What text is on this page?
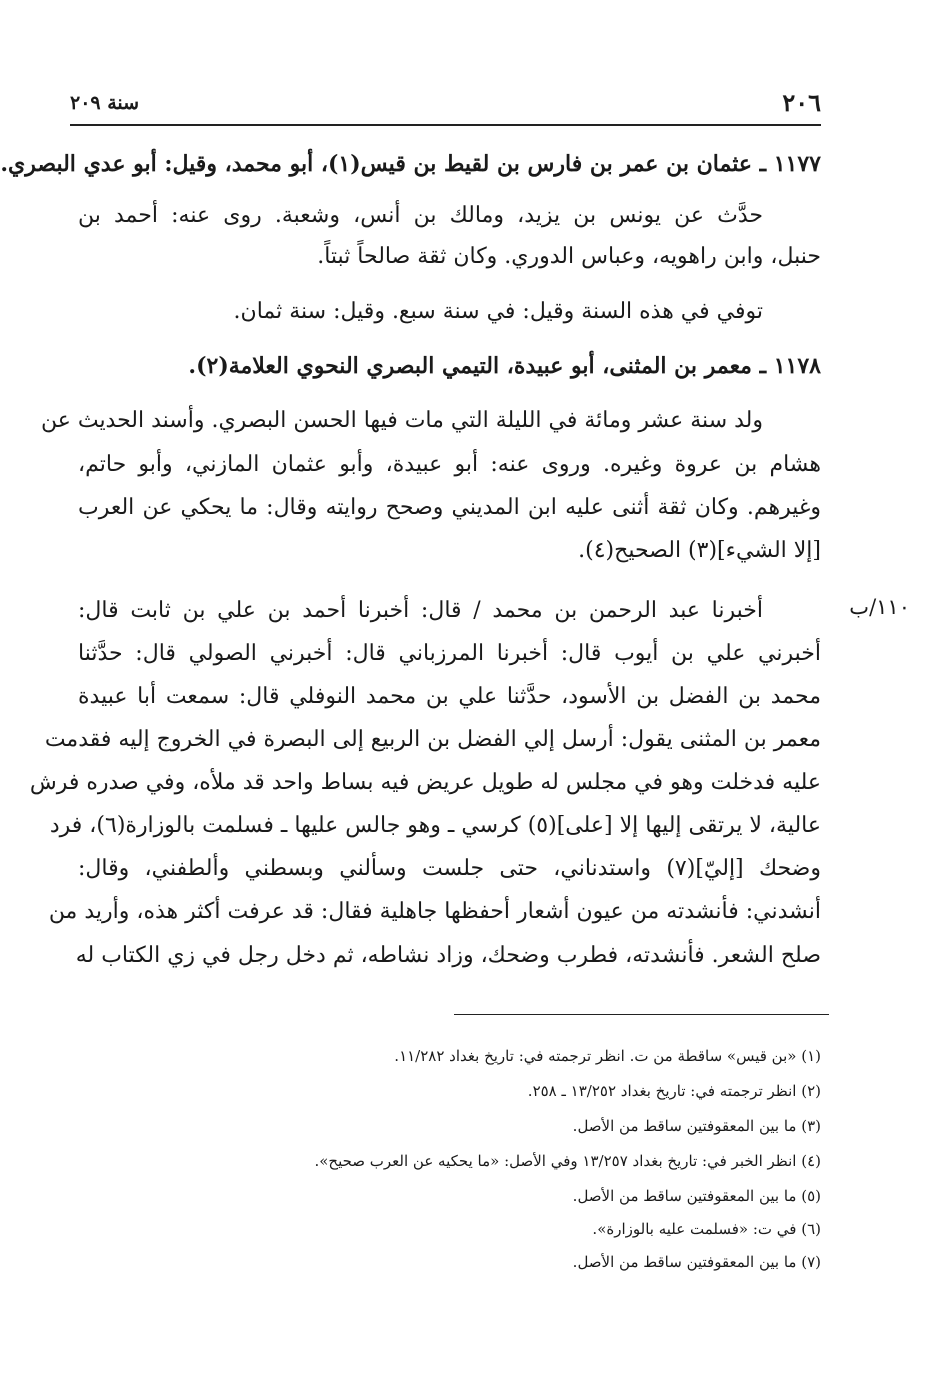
٢٠٦
سنة ٢٠٩
١١٠/ب
١١٧٧ ـ عثمان بن عمر بن فارس بن لقيط بن قيس(١)، أبو محمد، وقيل: أبو عدي البصري.
حدَّث عن يونس بن يزيد، ومالك بن أنس، وشعبة. روى عنه: أحمد بن
حنبل، وابن راهويه، وعباس الدوري. وكان ثقة صالحاً ثبتاً.
توفي في هذه السنة وقيل: في سنة سبع. وقيل: سنة ثمان.
١١٧٨ ـ معمر بن المثنى، أبو عبيدة، التيمي البصري النحوي العلامة(٢).
ولد سنة عشر ومائة في الليلة التي مات فيها الحسن البصري. وأسند الحديث عن
هشام بن عروة وغيره. وروى عنه: أبو عبيدة، وأبو عثمان المازني، وأبو حاتم،
وغيرهم. وكان ثقة أثنى عليه ابن المديني وصحح روايته وقال: ما يحكي عن العرب
[إلا الشيء](٣) الصحيح(٤).
أخبرنا عبد الرحمن بن محمد / قال: أخبرنا أحمد بن علي بن ثابت قال:
أخبرني علي بن أيوب قال: أخبرنا المرزباني قال: أخبرني الصولي قال: حدَّثنا
محمد بن الفضل بن الأسود، حدَّثنا علي بن محمد النوفلي قال: سمعت أبا عبيدة
معمر بن المثنى يقول: أرسل إلي الفضل بن الربيع إلى البصرة في الخروج إليه فقدمت
عليه فدخلت وهو في مجلس له طويل عريض فيه بساط واحد قد ملأه، وفي صدره فرش
عالية، لا يرتقى إليها إلا [على](٥) كرسي ـ وهو جالس عليها ـ فسلمت بالوزارة(٦)، فرد
وضحك [إليّ](٧) واستدناني، حتى جلست وسألني وبسطني وألطفني، وقال:
أنشدني: فأنشدته من عيون أشعار أحفظها جاهلية فقال: قد عرفت أكثر هذه، وأريد من
صلح الشعر. فأنشدته، فطرب وضحك، وزاد نشاطه، ثم دخل رجل في زي الكتاب له
(١) «بن قيس» ساقطة من ت. انظر ترجمته في: تاريخ بغداد ١١/٢٨٢.
(٢) انظر ترجمته في: تاريخ بغداد ١٣/٢٥٢ ـ ٢٥٨.
(٣) ما بين المعقوفتين ساقط من الأصل.
(٤) انظر الخبر في: تاريخ بغداد ١٣/٢٥٧ وفي الأصل: «ما يحكيه عن العرب صحيح».
(٥) ما بين المعقوفتين ساقط من الأصل.
(٦) في ت: «فسلمت عليه بالوزارة».
(٧) ما بين المعقوفتين ساقط من الأصل.
